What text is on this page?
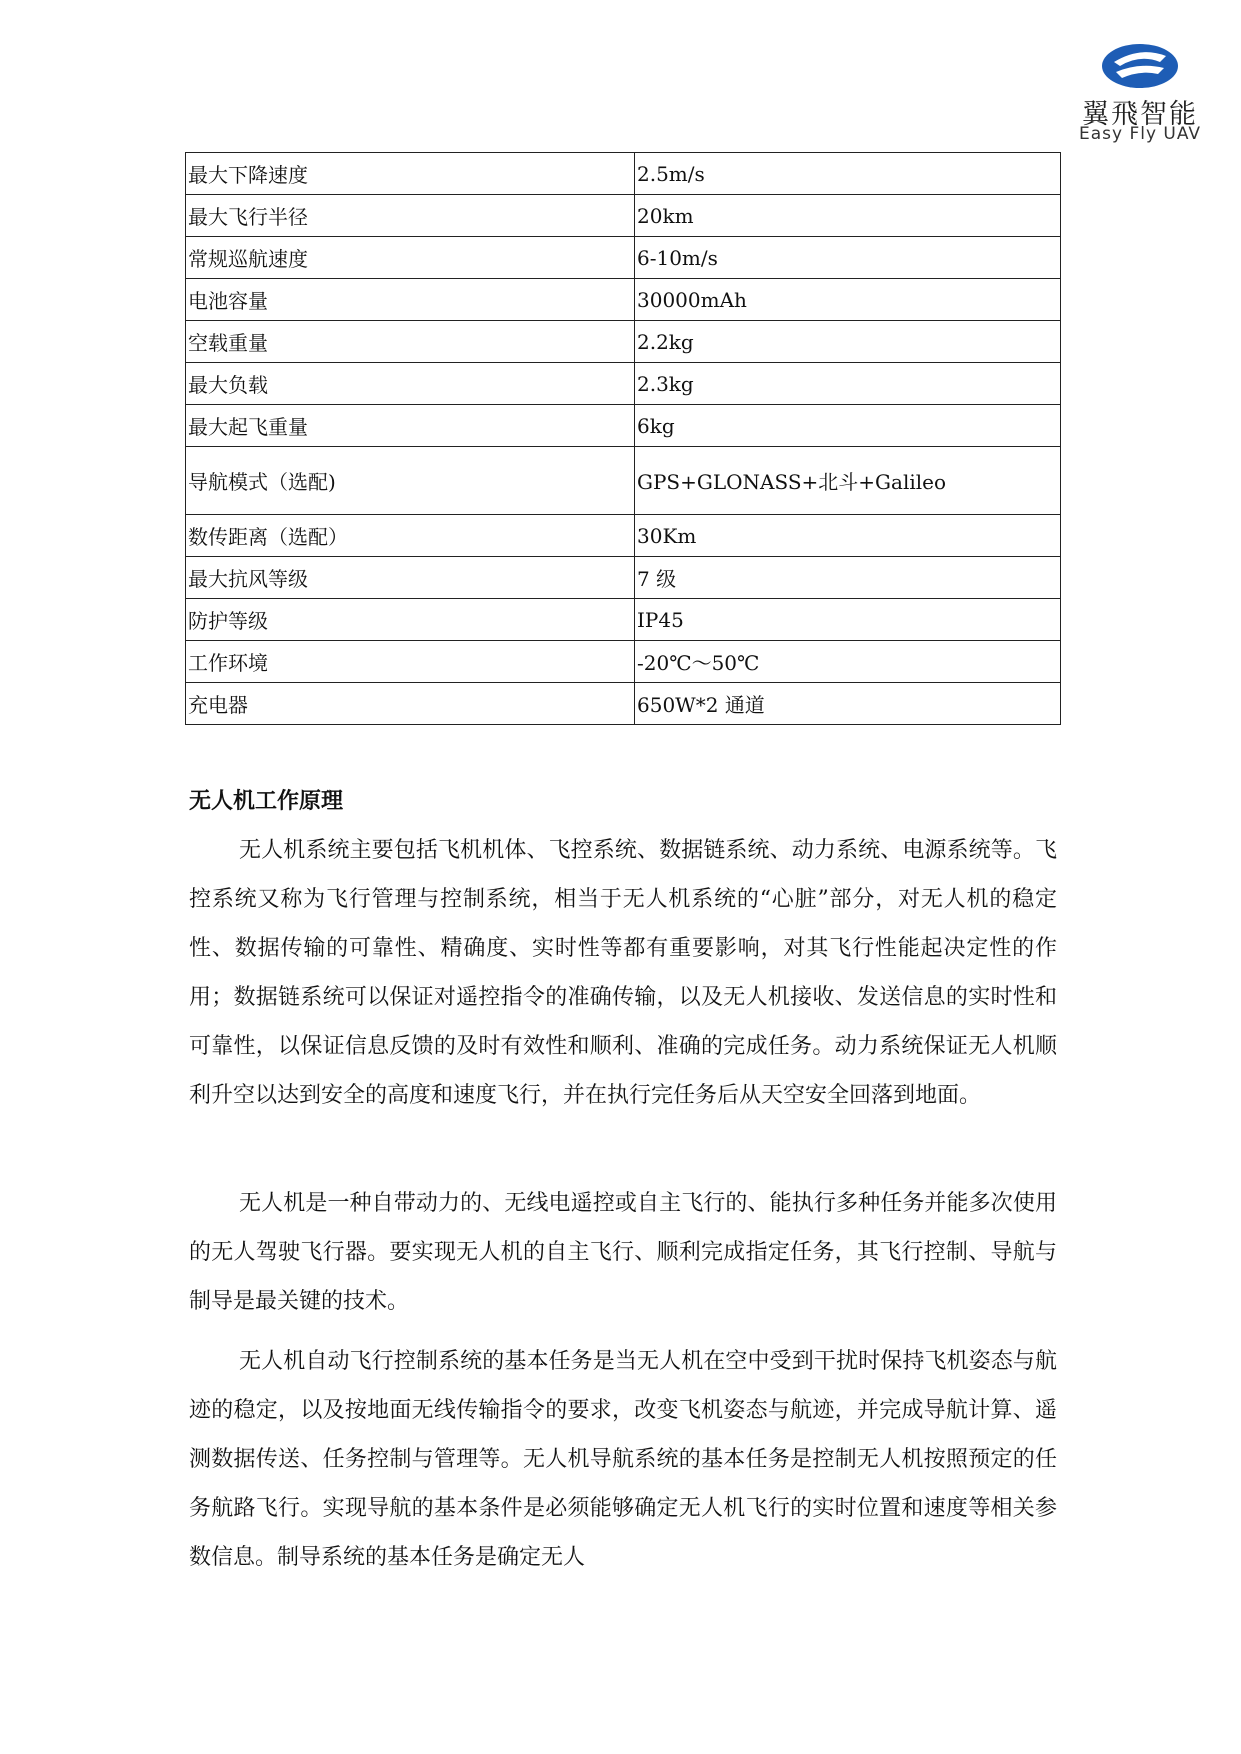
翼飛智能
Easy Fly UAV
最大下降速度	2.5m/s
最大飞行半径	20km
常规巡航速度	6-10m/s
电池容量	30000mAh
空载重量	2.2kg
最大负载	2.3kg
最大起飞重量	6kg
导航模式（选配)	GPS+GLONASS+北斗+Galileo
数传距离（选配）	30Km
最大抗风等级	7 级
防护等级	IP45
工作环境	-20℃～50℃
充电器	650W*2 通道
无人机工作原理

无人机系统主要包括飞机机体、飞控系统、数据链系统、动力系统、电源系统等。飞控系统又称为飞行管理与控制系统，相当于无人机系统的“心脏”部分，对无人机的稳定性、数据传输的可靠性、精确度、实时性等都有重要影响，对其飞行性能起决定性的作用；数据链系统可以保证对遥控指令的准确传输，以及无人机接收、发送信息的实时性和可靠性，以保证信息反馈的及时有效性和顺利、准确的完成任务。动力系统保证无人机顺利升空以达到安全的高度和速度飞行，并在执行完任务后从天空安全回落到地面。

无人机是一种自带动力的、无线电遥控或自主飞行的、能执行多种任务并能多次使用的无人驾驶飞行器。要实现无人机的自主飞行、顺利完成指定任务，其飞行控制、导航与制导是最关键的技术。

无人机自动飞行控制系统的基本任务是当无人机在空中受到干扰时保持飞机姿态与航迹的稳定，以及按地面无线传输指令的要求，改变飞机姿态与航迹，并完成导航计算、遥测数据传送、任务控制与管理等。无人机导航系统的基本任务是控制无人机按照预定的任务航路飞行。实现导航的基本条件是必须能够确定无人机飞行的实时位置和速度等相关参数信息。制导系统的基本任务是确定无人
